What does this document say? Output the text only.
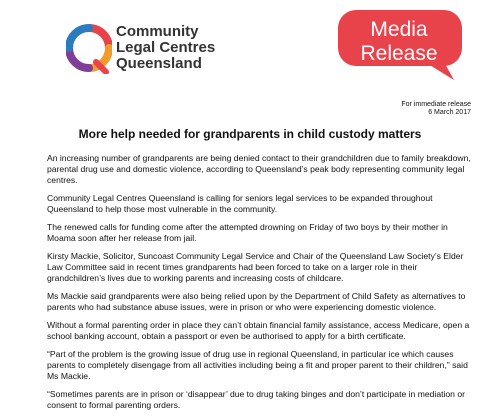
Community
Legal Centres
Queensland
Media
Release
For immediate release
6 March 2017
More help needed for grandparents in child custody matters

An increasing number of grandparents are being denied contact to their grandchildren due to family breakdown, parental drug use and domestic violence, according to Queensland’s peak body representing community legal centres.

Community Legal Centres Queensland is calling for seniors legal services to be expanded throughout Queensland to help those most vulnerable in the community.

The renewed calls for funding come after the attempted drowning on Friday of two boys by their mother in Moama soon after her release from jail.

Kirsty Mackie, Solicitor, Suncoast Community Legal Service and Chair of the Queensland Law Society’s Elder Law Committee said in recent times grandparents had been forced to take on a larger role in their grandchildren’s lives due to working parents and increasing costs of childcare.

Ms Mackie said grandparents were also being relied upon by the Department of Child Safety as alternatives to parents who had substance abuse issues, were in prison or who were experiencing domestic violence.

Without a formal parenting order in place they can’t obtain financial family assistance, access Medicare, open a school banking account, obtain a passport or even be authorised to apply for a birth certificate.

“Part of the problem is the growing issue of drug use in regional Queensland, in particular ice which causes parents to completely disengage from all activities including being a fit and proper parent to their children,” said Ms Mackie.

“Sometimes parents are in prison or ‘disappear’ due to drug taking binges and don’t participate in mediation or consent to formal parenting orders.
